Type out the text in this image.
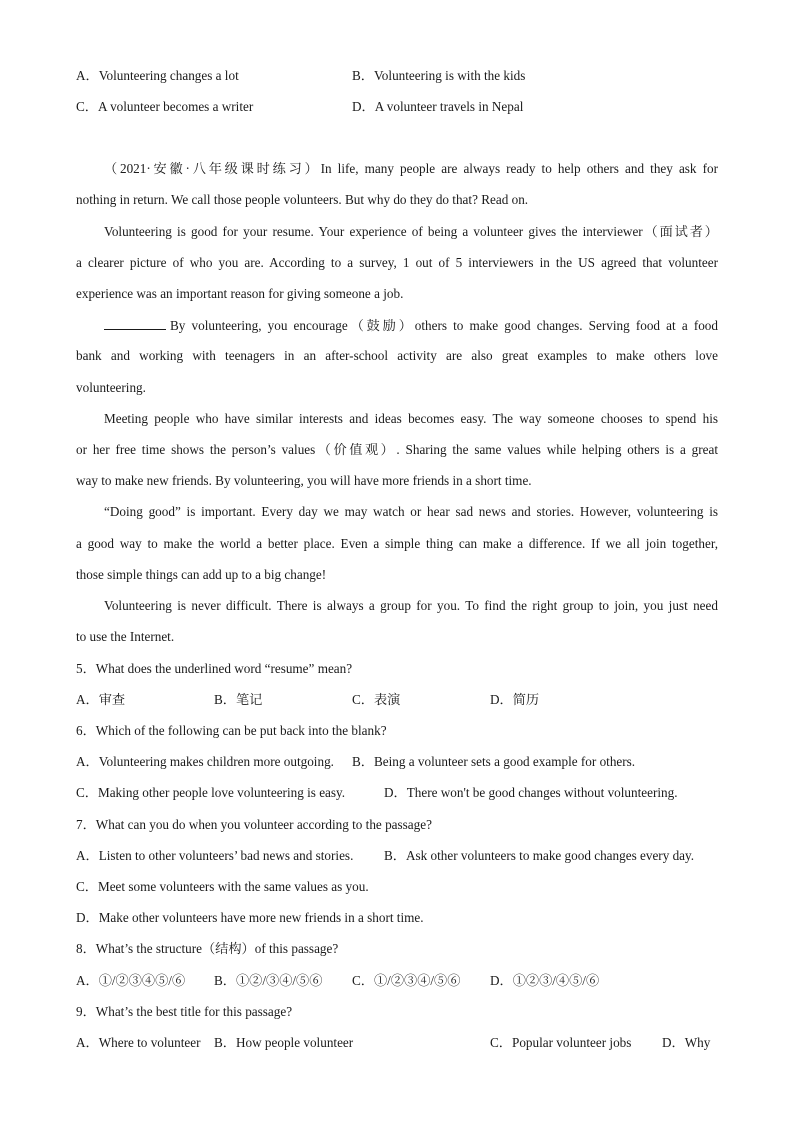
A．Volunteering changes a lot	B．Volunteering is with the kids
C．A volunteer becomes a writer	D．A volunteer travels in Nepal
（2021·安徽·八年级课时练习）In life, many people are always ready to help others and they ask for
nothing in return. We call those people volunteers. But why do they do that? Read on.
Volunteering is good for your resume. Your experience of being a volunteer gives the interviewer（面试者）
a clearer picture of who you are. According to a survey, 1 out of 5 interviewers in the US agreed that volunteer
experience was an important reason for giving someone a job.
By volunteering, you encourage（鼓励）others to make good changes. Serving food at a food
bank and working with teenagers in an after-school activity are also great examples to make others love
volunteering.
Meeting people who have similar interests and ideas becomes easy. The way someone chooses to spend his
or her free time shows the person’s values（价值观）. Sharing the same values while helping others is a great
way to make new friends. By volunteering, you will have more friends in a short time.
“Doing good” is important. Every day we may watch or hear sad news and stories. However, volunteering is
a good way to make the world a better place. Even a simple thing can make a difference. If we all join together,
those simple things can add up to a big change!
Volunteering is never difficult. There is always a group for you. To find the right group to join, you just need
to use the Internet.
5．What does the underlined word “resume” mean?
A．审查	B．笔记	C．表演	D．简历
6．Which of the following can be put back into the blank?
A．Volunteering makes children more outgoing. B．Being a volunteer sets a good example for others.
C．Making other people love volunteering is easy.	D．There won't be good changes without volunteering.
7．What can you do when you volunteer according to the passage?
A．Listen to other volunteers’ bad news and stories. B．Ask other volunteers to make good changes every day.
C．Meet some volunteers with the same values as you.
D．Make other volunteers have more new friends in a short time.
8．What’s the structure（结构）of this passage?
A．①/②③④⑤/⑥ B．①②/③④/⑤⑥ C．①/②③④/⑤⑥ D．①②③/④⑤/⑥
9．What’s the best title for this passage?
A．Where to volunteer B．How people volunteer	C．Popular volunteer jobs D．Why
